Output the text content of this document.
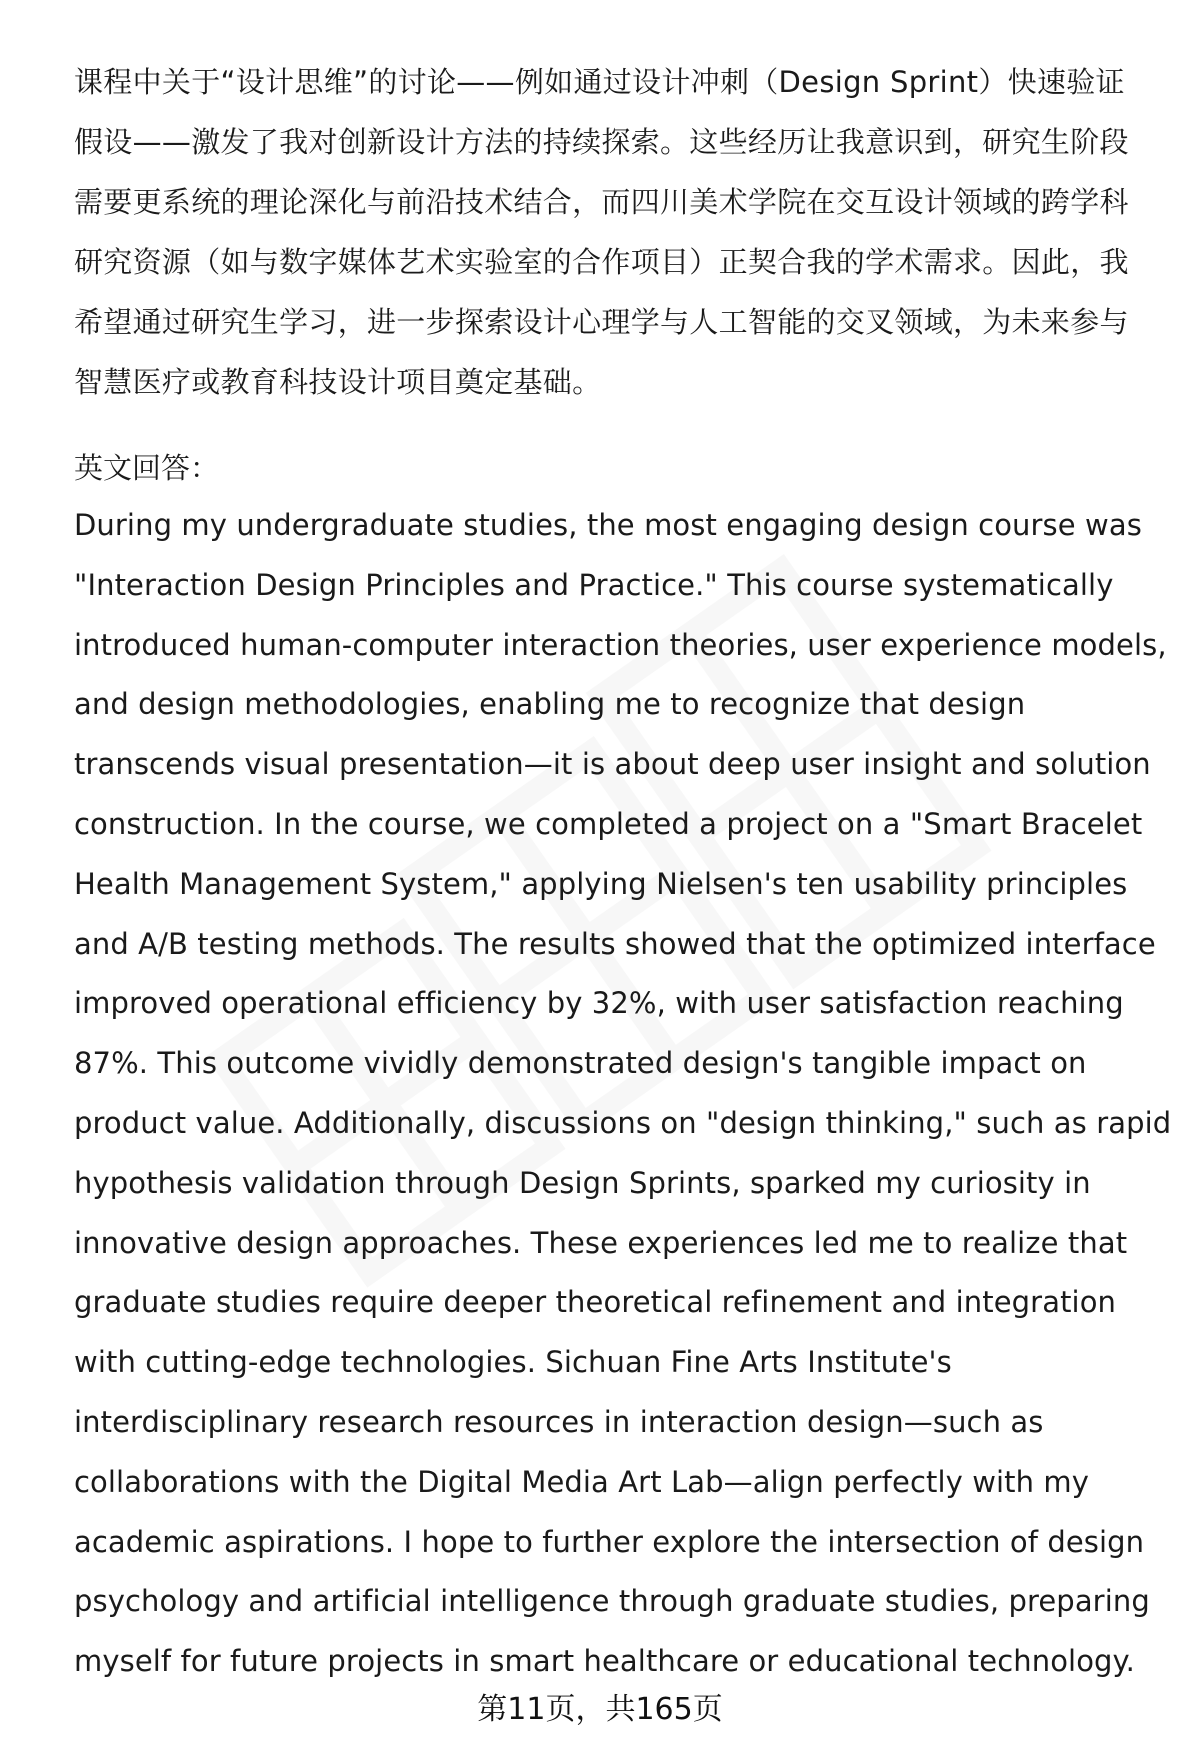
课程中关于“设计思维”的讨论——例如通过设计冲刺（Design Sprint）快速验证假设——激发了我对创新设计方法的持续探索。这些经历让我意识到，研究生阶段需要更系统的理论深化与前沿技术结合，而四川美术学院在交互设计领域的跨学科研究资源（如与数字媒体艺术实验室的合作项目）正契合我的学术需求。因此，我希望通过研究生学习，进一步探索设计心理学与人工智能的交叉领域，为未来参与智慧医疗或教育科技设计项目奠定基础。

英文回答：

During my undergraduate studies, the most engaging design course was "Interaction Design Principles and Practice." This course systematically introduced human-computer interaction theories, user experience models, and design methodologies, enabling me to recognize that design transcends visual presentation—it is about deep user insight and solution construction. In the course, we completed a project on a "Smart Bracelet Health Management System," applying Nielsen's ten usability principles and A/B testing methods. The results showed that the optimized interface improved operational efficiency by 32%, with user satisfaction reaching 87%. This outcome vividly demonstrated design's tangible impact on product value. Additionally, discussions on "design thinking," such as rapid hypothesis validation through Design Sprints, sparked my curiosity in innovative design approaches. These experiences led me to realize that graduate studies require deeper theoretical refinement and integration with cutting-edge technologies. Sichuan Fine Arts Institute's interdisciplinary research resources in interaction design—such as collaborations with the Digital Media Art Lab—align perfectly with my academic aspirations. I hope to further explore the intersection of design psychology and artificial intelligence through graduate studies, preparing myself for future projects in smart healthcare or educational technology.

第11页，共165页
